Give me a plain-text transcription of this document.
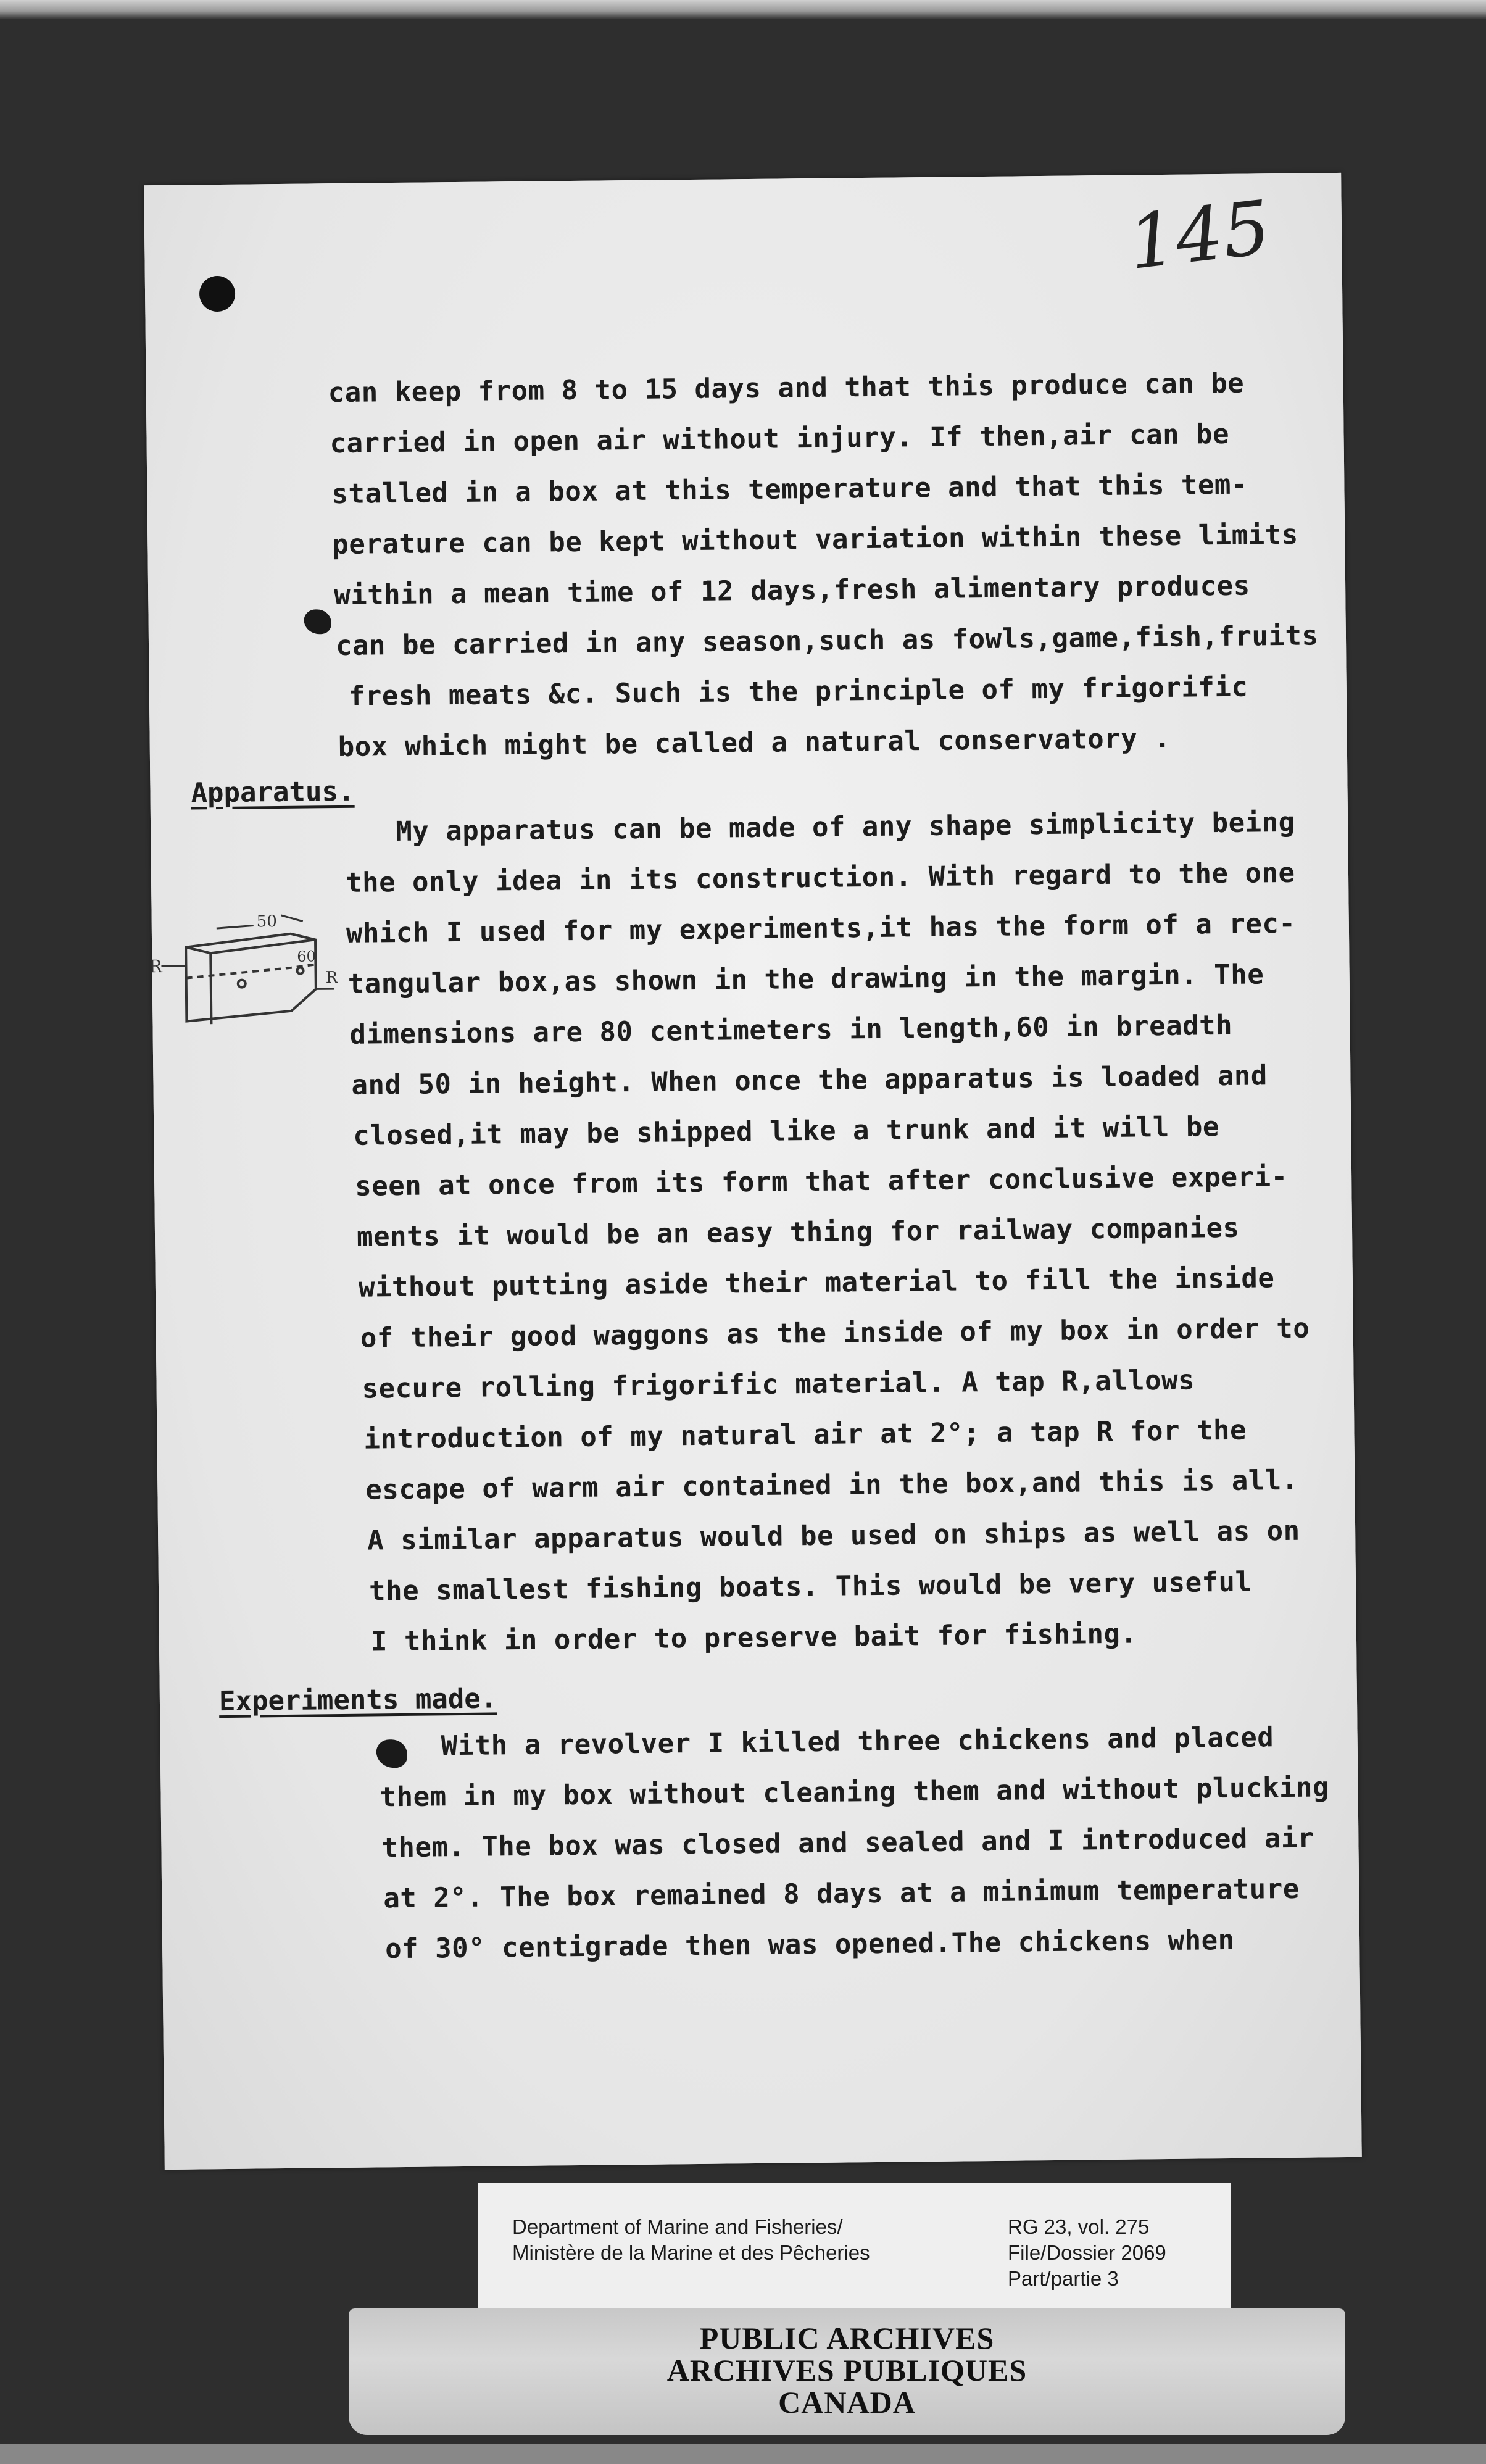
145
can keep from 8 to 15 days and that this produce can be
carried in open air without injury. If then,air can be
stalled in a box at this temperature and that this tem-
perature can be kept without variation within these limits
within a mean time of 12 days,fresh alimentary produces
can be carried in any season,such as fowls,game,fish,fruits
fresh meats &c. Such is the principle of my frigorific
box which might be called a natural conservatory .
Apparatus.
My apparatus can be made of any shape simplicity being
the only idea in its construction. With regard to the one
which I used for my experiments,it has the form of a rec-
tangular box,as shown in the drawing in the margin. The
dimensions are 80 centimeters in length,60 in breadth
and 50 in height. When once the apparatus is loaded and
closed,it may be shipped like a trunk and it will be
seen at once from its form that after conclusive experi-
ments it would be an easy thing for railway companies
without putting aside their material to fill the inside
of their good waggons as the inside of my box in order to
secure rolling frigorific material. A tap R,allows
introduction of my natural air at 2°; a tap R for the
escape of warm air contained in the box,and this is all.
A similar apparatus would be used on ships as well as on
the smallest fishing boats. This would be very useful
I think in order to preserve bait for fishing.
50
60
R
R
Experiments made.
With a revolver I killed three chickens and placed
them in my box without cleaning them and without plucking
them. The box was closed and sealed and I introduced air
at 2°. The box remained 8 days at a minimum temperature
of 30° centigrade then was opened.The chickens when
Department of Marine and Fisheries/
Ministère de la Marine et des Pêcheries
RG 23, vol. 275
File/Dossier 2069
Part/partie 3
PUBLIC ARCHIVES
ARCHIVES PUBLIQUES
CANADA
